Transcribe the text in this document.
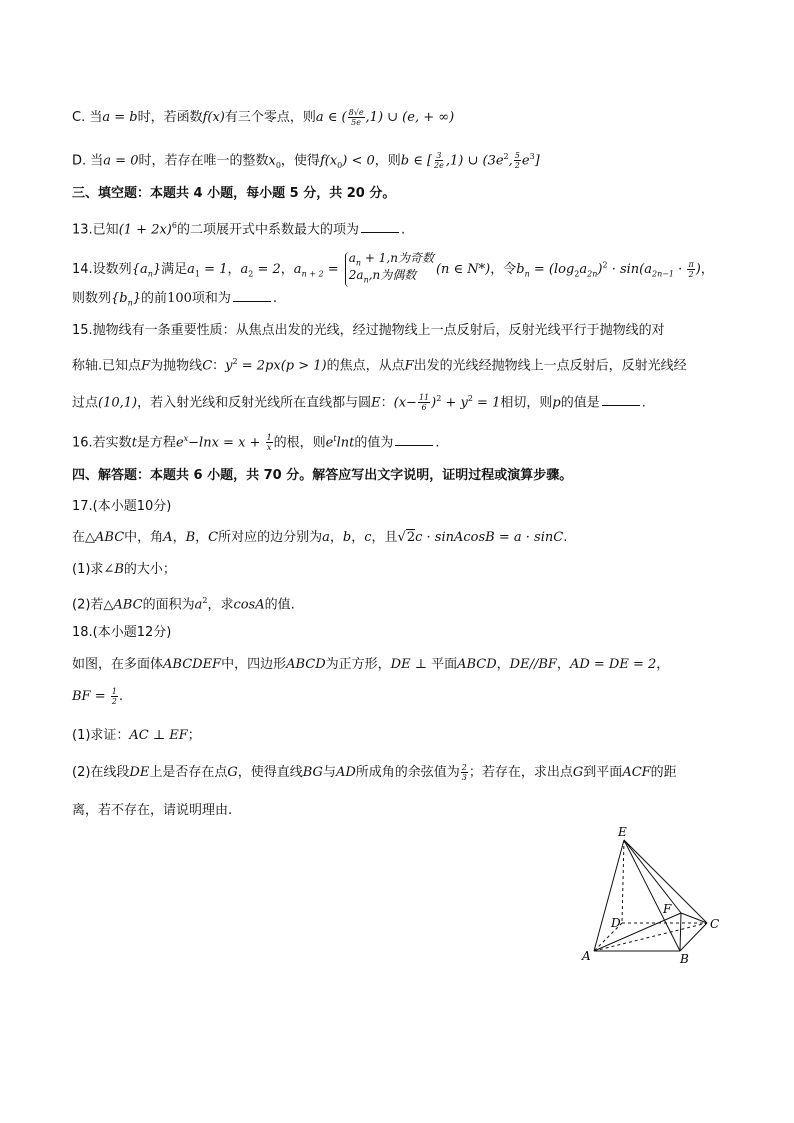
C. 当a = b时，若函数f(x)有三个零点，则a ∈ ( $\frac{8√e}{5e} ,1$) ∪ (e, + ∞)
D. 当a = 0时，若存在唯一的整数$x_0$，使得$f(x_0) < 0$，则b ∈ [ $\frac{3}{2e} ,1$) ∪ ($3e^2$, $\frac{5}{2} e^3$]
三、填空题：本题共 4 小题，每小题 5 分，共 20 分。
13.已知$(1 + 2x)^6$的二项展开式中系数最大的项为	.
14.设数列$\{a_n\}$满足$a_1 = 1$，$a_2 = 2$，$a_{n + 2}$ =
$a_n + 1,n$为奇数
$2a_n,n$为偶数	(n ∈ N*)，令$b_n = (\log_2a_{2n})^2 \cdot \sin(a_{2n-1} \cdot \frac{\pi}{2}$ )，
则数列$\{b_n\}$的前100项和为	.
15.抛物线有一条重要性质：从焦点出发的光线，经过抛物线上一点反射后，反射光线平行于抛物线的对
称轴.已知点F为抛物线C：$y^2 = 2px(p > 1)$的焦点，从点F出发的光线经抛物线上一点反射后，反射光线经
过点(10,1)，若入射光线和反射光线所在直线都与圆E：$(x- \frac{11}{6} )^2 + y^2 = 1$相切，则p的值是	.
16.若实数t是方程$e^x-\ln x = x + \frac{1}{x}$ 的根，则$e^t\ln t$的值为	.
四、解答题：本题共 6 小题，共 70 分。解答应写出文字说明，证明过程或演算步骤。
17.(本小题10分)
在△ABC中，角A，B，C所对应的边分别为a，b，c，且√2c · sinAcosB = a · sinC.
(1)求∠B的大小；
(2)若△ABC的面积为$a^2$，求cosA的值.
18.(本小题12分)
如图，在多面体ABCDEF中，四边形ABCD为正方形，DE ⊥ 平面ABCD，DE//BF，AD = DE = 2，
BF = $\frac{1}{2}$ .
(1)求证：AC ⊥ EF；
(2)在线段DE上是否存在点G，使得直线BG与AD所成角的余弦值为 $\frac{2}{3}$ ；若存在，求出点G到平面ACF的距
离，若不存在，请说明理由.
E
D
F
C
A	B
